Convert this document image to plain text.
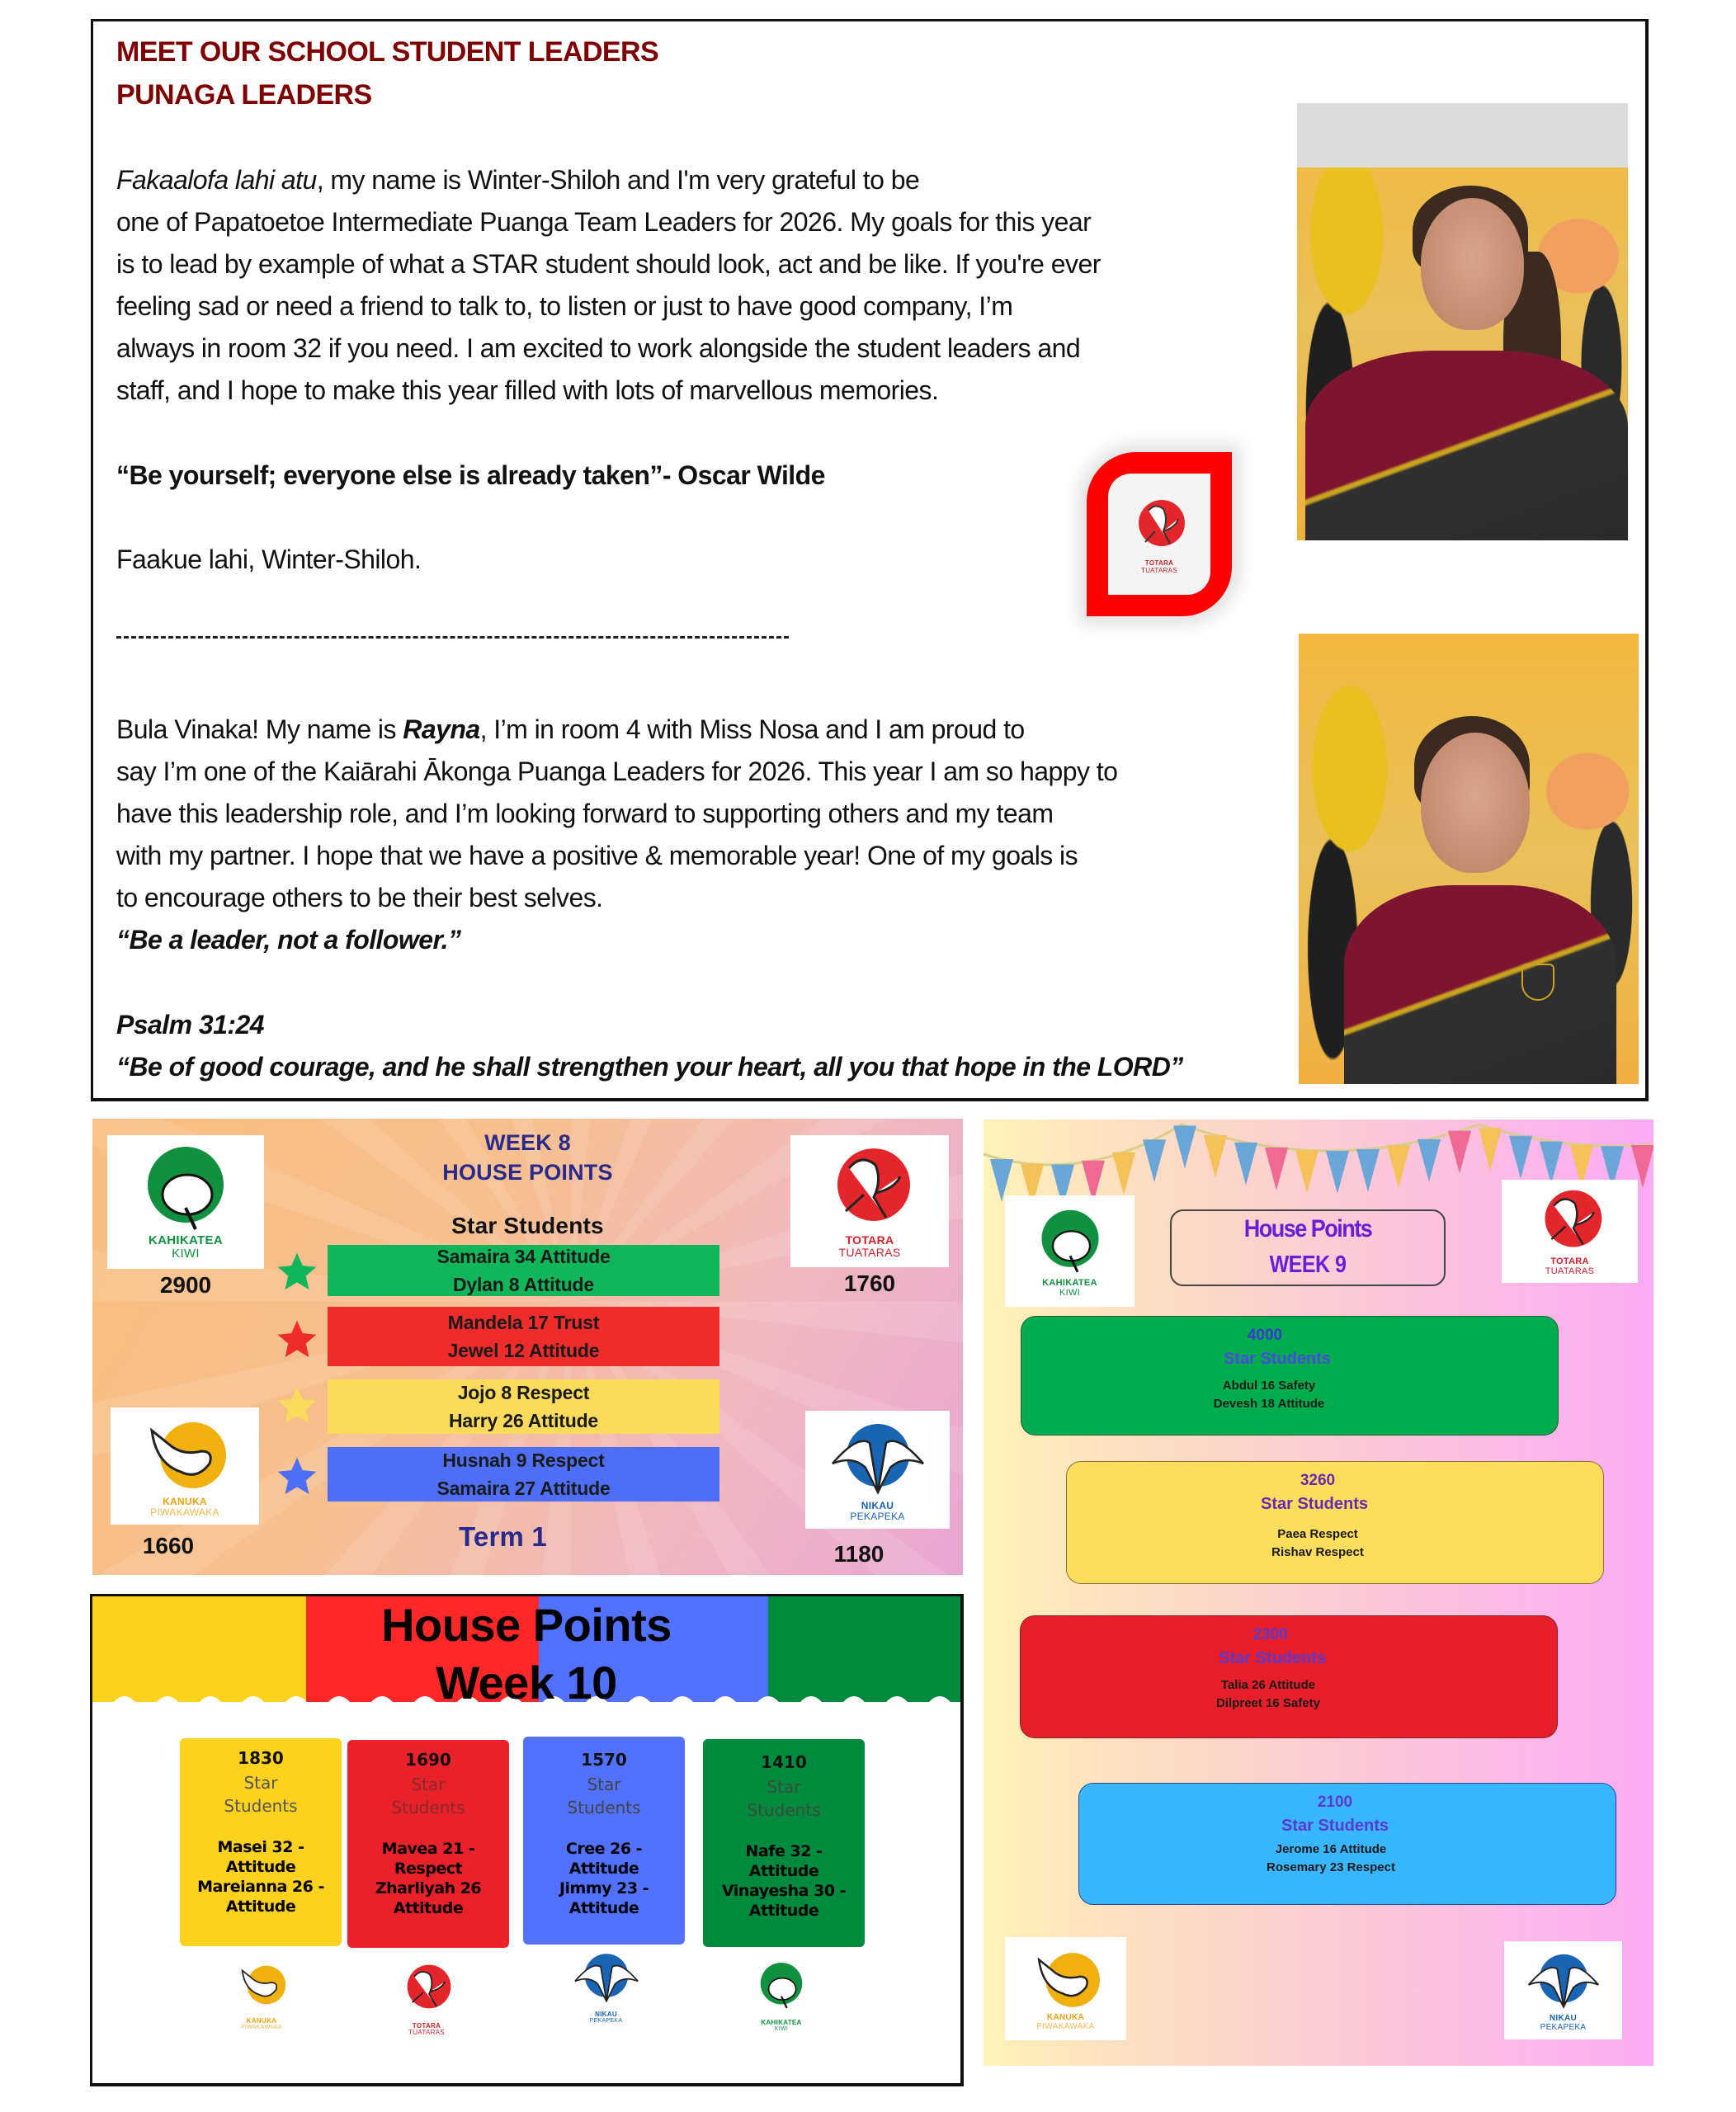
MEET OUR SCHOOL STUDENT LEADERS
PUNAGA LEADERS
Fakaalofa lahi atu, my name is Winter-Shiloh and I'm very grateful to be
one of Papatoetoe Intermediate Puanga Team Leaders for 2026. My goals for this year
is to lead by example of what a STAR student should look, act and be like. If you're ever
feeling sad or need a friend to talk to, to listen or just to have good company, I’m
always in room 32 if you need. I am excited to work alongside the student leaders and
staff, and I hope to make this year filled with lots of marvellous memories.
“Be yourself; everyone else is already taken”- Oscar Wilde
Faakue lahi, Winter-Shiloh.
Bula Vinaka! My name is Rayna, I’m in room 4 with Miss Nosa and I am proud to
say I’m one of the Kaiārahi Ākonga Puanga Leaders for 2026. This year I am so happy to
have this leadership role, and I’m looking forward to supporting others and my team
with my partner. I hope that we have a positive & memorable year! One of my goals is
to encourage others to be their best selves.
“Be a leader, not a follower.”
Psalm 31:24
“Be of good courage, and he shall strengthen your heart, all you that hope in the LORD”
TOTARA
TUATARAS
WEEK 8
HOUSE POINTS
Star Students
KAHIKATEA
KIWI
2900
TOTARA
TUATARAS
1760
KANUKA
PIWAKAWAKA
1660
NIKAU
PEKAPEKA
1180
Samaira 34 Attitude
Dylan 8 Attitude
Mandela 17 Trust
Jewel 12 Attitude
Jojo 8 Respect
Harry 26 Attitude
Husnah 9 Respect
Samaira 27 Attitude
Term 1
House Points
Week 10
1830
Star
Students
Masei 32 -
Attitude
Mareianna 26 -
Attitude
1690
Star
Students
Mavea 21 -
Respect
Zharliyah 26
Attitude
1570
Star
Students
Cree 26 -
Attitude
Jimmy 23 -
Attitude
1410
Star
Students
Nafe 32 -
Attitude
Vinayesha 30 -
Attitude
KANUKA
PIWAKAWAKA	TOTARA
TUATARAS
NIKAU
PEKAPEKA	KAHIKATEA
KIWI
KAHIKATEA
KIWI
TOTARA
TUATARAS
House Points
WEEK 9
4000
Star Students
Abdul 16 Safety
Devesh 18 Attitude
3260
Star Students
Paea Respect
Rishav Respect
2300
Star Students
Talia 26 Attitude
Dilpreet 16 Safety
2100
Star Students
Jerome 16 Attitude
Rosemary 23 Respect
KANUKA
PIWAKAWAKA
NIKAU
PEKAPEKA
